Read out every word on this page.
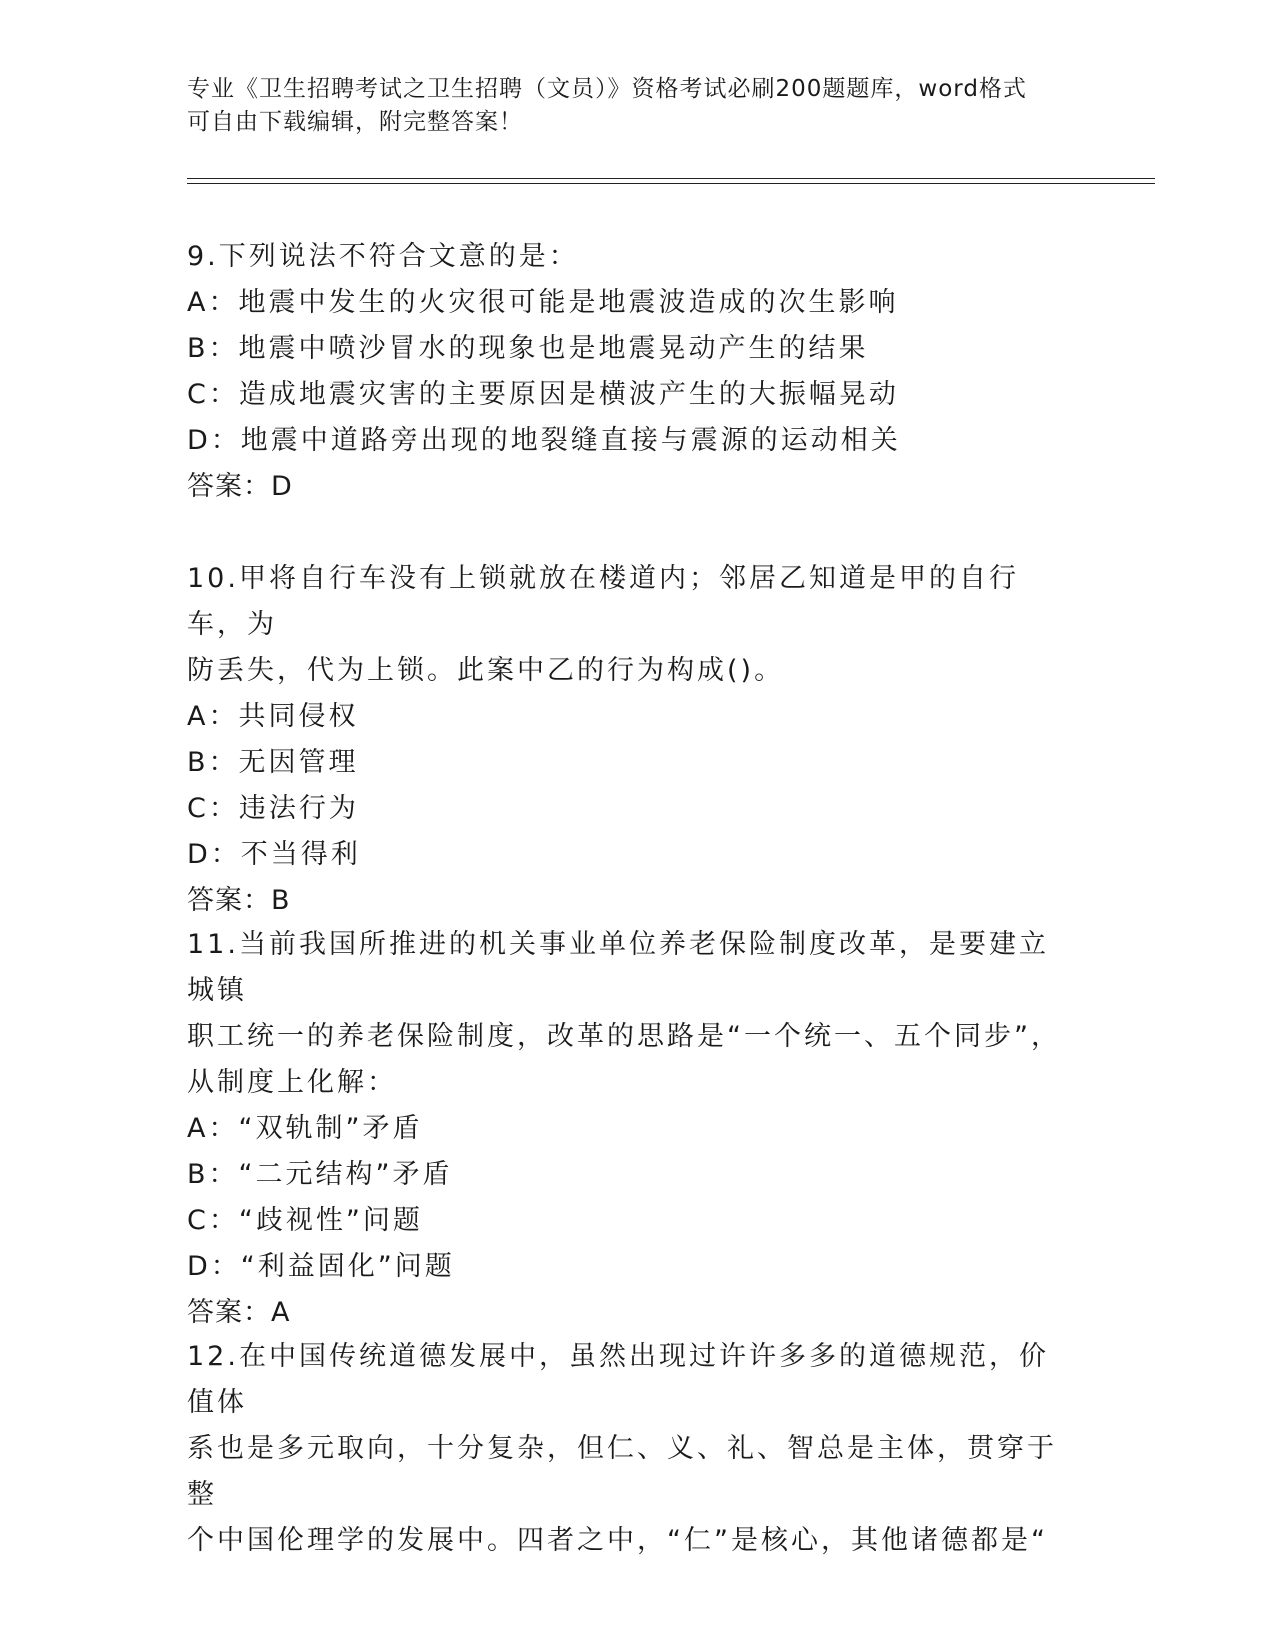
专业《卫生招聘考试之卫生招聘（文员）》资格考试必刷200题题库，word格式
可自由下载编辑，附完整答案！
9.下列说法不符合文意的是：
A：地震中发生的火灾很可能是地震波造成的次生影响
B：地震中喷沙冒水的现象也是地震晃动产生的结果
C：造成地震灾害的主要原因是横波产生的大振幅晃动
D：地震中道路旁出现的地裂缝直接与震源的运动相关
答案：D
10.甲将自行车没有上锁就放在楼道内；邻居乙知道是甲的自行车，为
防丢失，代为上锁。此案中乙的行为构成()。
A：共同侵权
B：无因管理
C：违法行为
D：不当得利
答案：B
11.当前我国所推进的机关事业单位养老保险制度改革，是要建立城镇
职工统一的养老保险制度，改革的思路是“一个统一、五个同步”，
从制度上化解：
A：“双轨制”矛盾
B：“二元结构”矛盾
C：“歧视性”问题
D：“利益固化”问题
答案：A
12.在中国传统道德发展中，虽然出现过许许多多的道德规范，价值体
系也是多元取向，十分复杂，但仁、义、礼、智总是主体，贯穿于整
个中国伦理学的发展中。四者之中，“仁”是核心，其他诸德都是“
